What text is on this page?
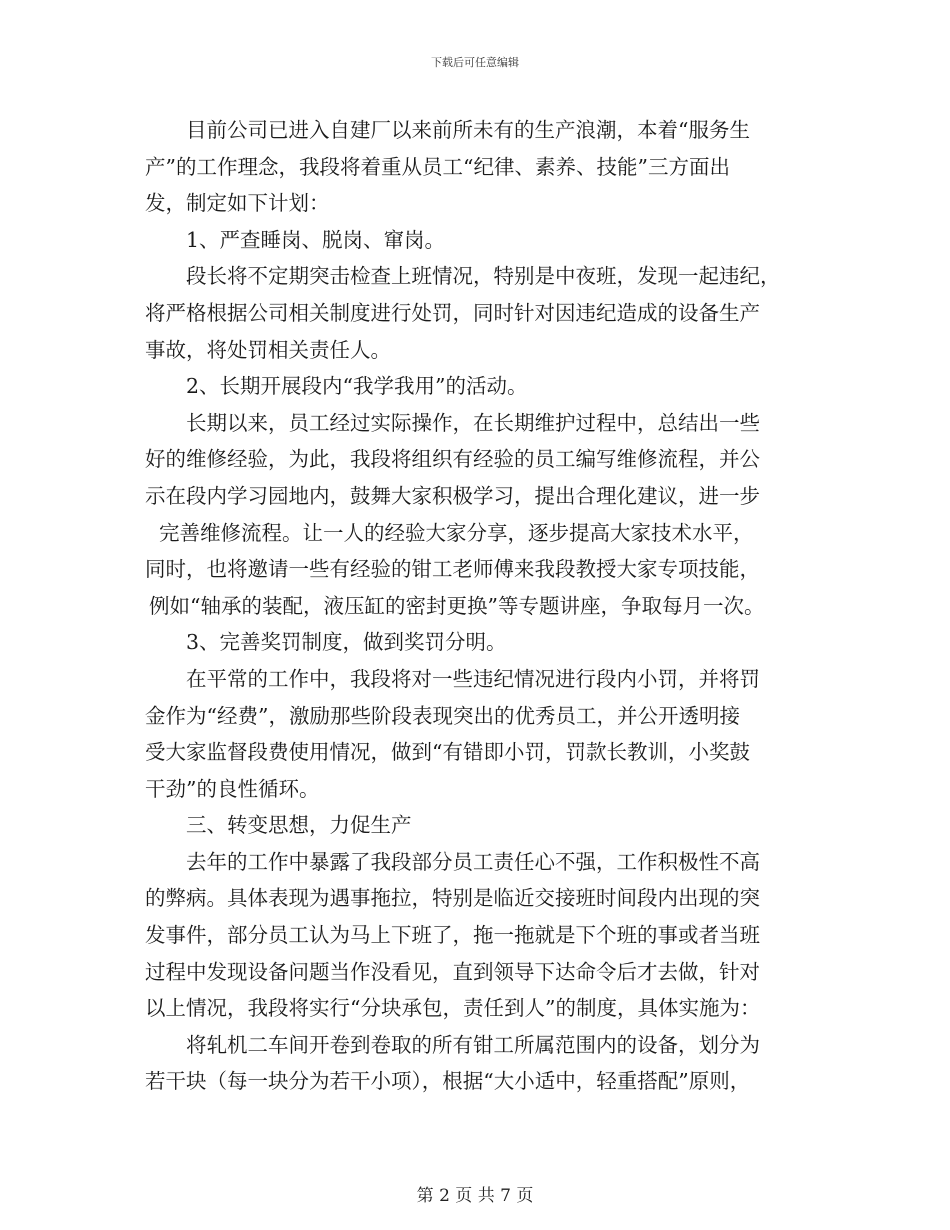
下载后可任意编辑
目前公司已进入自建厂以来前所未有的生产浪潮，本着“服务生
产”的工作理念，我段将着重从员工“纪律、素养、技能”三方面出
发，制定如下计划：
1、严查睡岗、脱岗、窜岗。
段长将不定期突击检查上班情况，特别是中夜班，发现一起违纪，
将严格根据公司相关制度进行处罚，同时针对因违纪造成的设备生产
事故，将处罚相关责任人。
2、长期开展段内“我学我用”的活动。
长期以来，员工经过实际操作，在长期维护过程中，总结出一些
好的维修经验，为此，我段将组织有经验的员工编写维修流程，并公
示在段内学习园地内，鼓舞大家积极学习，提出合理化建议，进一步
完善维修流程。让一人的经验大家分享，逐步提高大家技术水平，
同时，也将邀请一些有经验的钳工老师傅来我段教授大家专项技能，
例如“轴承的装配，液压缸的密封更换”等专题讲座，争取每月一次。
3、完善奖罚制度，做到奖罚分明。
在平常的工作中，我段将对一些违纪情况进行段内小罚，并将罚
金作为“经费”，激励那些阶段表现突出的优秀员工，并公开透明接
受大家监督段费使用情况，做到“有错即小罚，罚款长教训，小奖鼓
干劲”的良性循环。
三、转变思想，力促生产
去年的工作中暴露了我段部分员工责任心不强，工作积极性不高
的弊病。具体表现为遇事拖拉，特别是临近交接班时间段内出现的突
发事件，部分员工认为马上下班了，拖一拖就是下个班的事或者当班
过程中发现设备问题当作没看见，直到领导下达命令后才去做，针对
以上情况，我段将实行“分块承包，责任到人”的制度，具体实施为：
将轧机二车间开卷到卷取的所有钳工所属范围内的设备，划分为
若干块（每一块分为若干小项），根据“大小适中，轻重搭配”原则，
第 2 页 共 7 页
